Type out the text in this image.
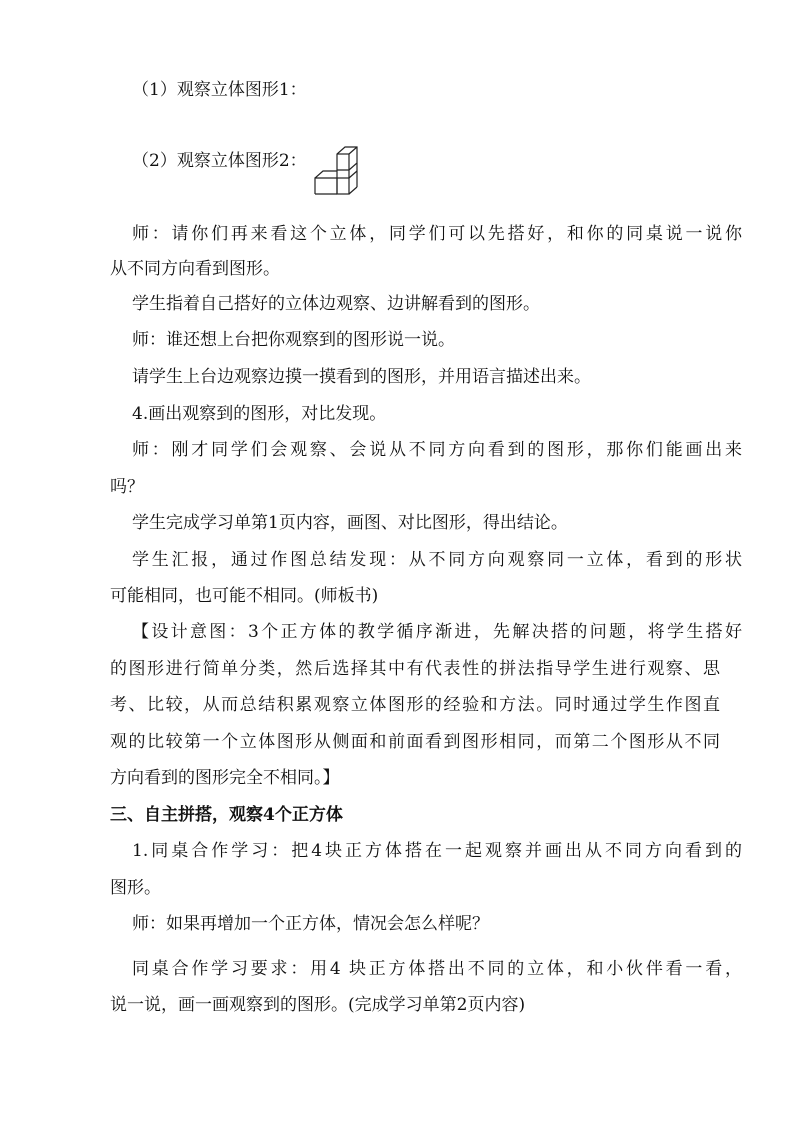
（1）观察立体图形1：
（2）观察立体图形2：
师：请你们再来看这个立体，同学们可以先搭好，和你的同桌说一说你
从不同方向看到图形。
学生指着自己搭好的立体边观察、边讲解看到的图形。
师：谁还想上台把你观察到的图形说一说。
请学生上台边观察边摸一摸看到的图形，并用语言描述出来。
4.画出观察到的图形，对比发现。
师：刚才同学们会观察、会说从不同方向看到的图形，那你们能画出来
吗？
学生完成学习单第1页内容，画图、对比图形，得出结论。
学生汇报，通过作图总结发现：从不同方向观察同一立体，看到的形状
可能相同，也可能不相同。(师板书)
【设计意图：3个正方体的教学循序渐进，先解决搭的问题，将学生搭好
的图形进行简单分类，然后选择其中有代表性的拼法指导学生进行观察、思
考、比较，从而总结积累观察立体图形的经验和方法。同时通过学生作图直
观的比较第一个立体图形从侧面和前面看到图形相同，而第二个图形从不同
方向看到的图形完全不相同。】
三、自主拼搭，观察4个正方体
1.同桌合作学习：把4块正方体搭在一起观察并画出从不同方向看到的
图形。
师：如果再增加一个正方体，情况会怎么样呢？
同桌合作学习要求：用4 块正方体搭出不同的立体，和小伙伴看一看，
说一说，画一画观察到的图形。(完成学习单第2页内容)
